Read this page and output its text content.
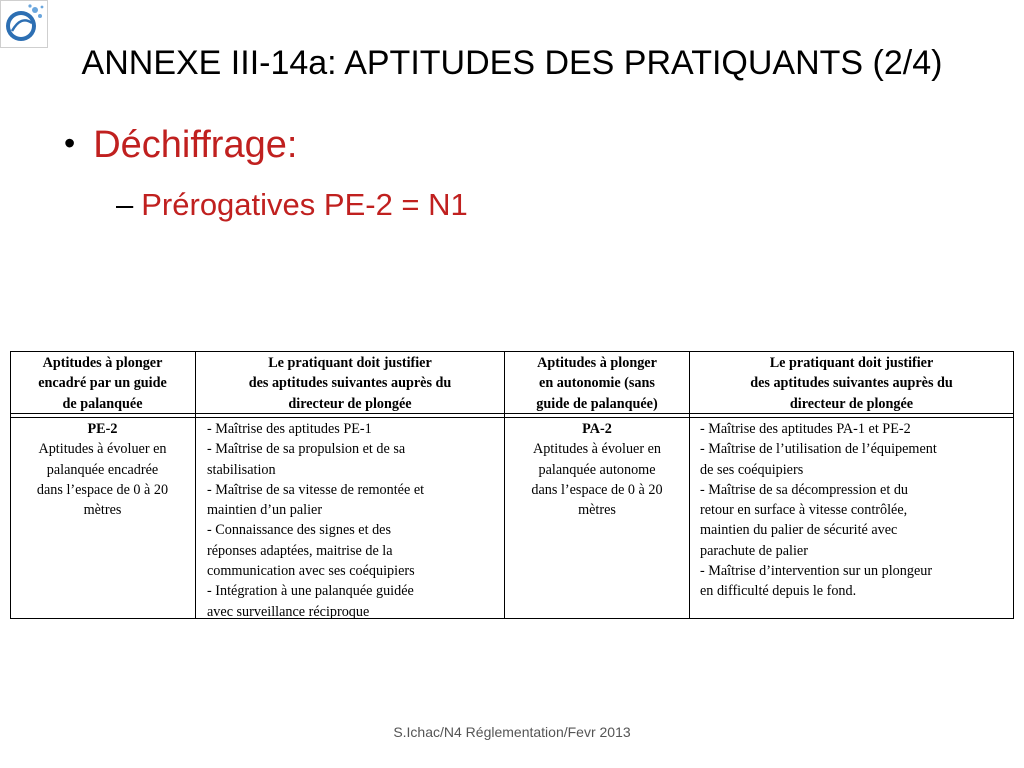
ANNEXE III-14a: APTITUDES DES PRATIQUANTS (2/4)
• Déchiffrage:
– Prérogatives PE-2 = N1
Aptitudes à plonger
encadré par un guide
de palanquée
Le pratiquant doit justifier
des aptitudes suivantes auprès du
directeur de plongée
Aptitudes à plonger
en autonomie (sans
guide de palanquée)
Le pratiquant doit justifier
des aptitudes suivantes auprès du
directeur de plongée
PE-2
Aptitudes à évoluer en
palanquée encadrée
dans l’espace de 0 à 20
mètres
- Maîtrise des aptitudes PE-1
- Maîtrise de sa propulsion et de sa
stabilisation
- Maîtrise de sa vitesse de remontée et
maintien d’un palier
- Connaissance des signes et des
réponses adaptées, maitrise de la
communication avec ses coéquipiers
- Intégration à une palanquée guidée
avec surveillance réciproque
PA-2
Aptitudes à évoluer en
palanquée autonome
dans l’espace de 0 à 20
mètres
- Maîtrise des aptitudes PA-1 et PE-2
- Maîtrise de l’utilisation de l’équipement
de ses coéquipiers
- Maîtrise de sa décompression et du
retour en surface à vitesse contrôlée,
maintien du palier de sécurité avec
parachute de palier
- Maîtrise d’intervention sur un plongeur
en difficulté depuis le fond.
S.Ichac/N4 Réglementation/Fevr 2013
